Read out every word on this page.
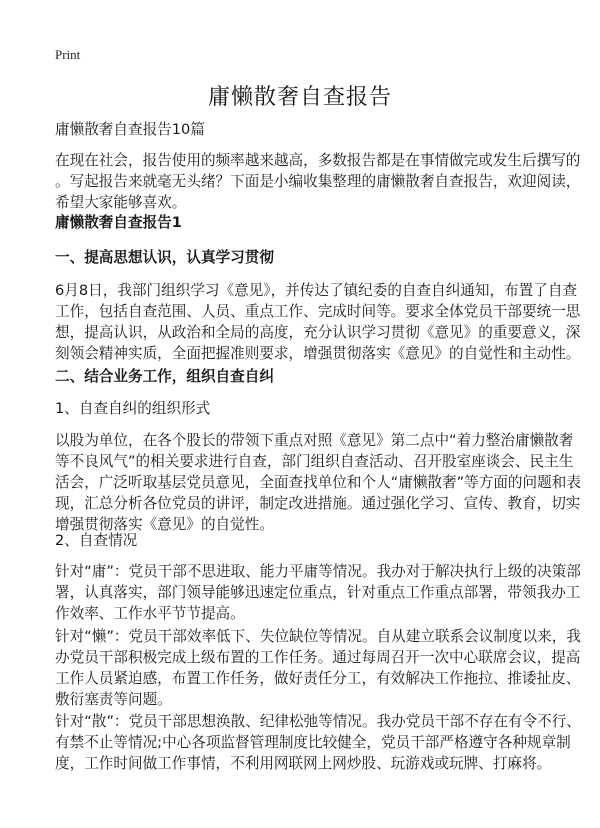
Print
庸懒散奢自查报告
庸懒散奢自查报告10篇
在现在社会，报告使用的频率越来越高，多数报告都是在事情做完或发生后撰写的
。写起报告来就毫无头绪？下面是小编收集整理的庸懒散奢自查报告，欢迎阅读，
希望大家能够喜欢。
庸懒散奢自查报告1
一、提高思想认识，认真学习贯彻
6月8日，我部门组织学习《意见》，并传达了镇纪委的自查自纠通知，布置了自查
工作，包括自查范围、人员、重点工作、完成时间等。要求全体党员干部要统一思
想，提高认识，从政治和全局的高度，充分认识学习贯彻《意见》的重要意义，深
刻领会精神实质，全面把握准则要求，增强贯彻落实《意见》的自觉性和主动性。
二、结合业务工作，组织自查自纠
1、自查自纠的组织形式
以股为单位，在各个股长的带领下重点对照《意见》第二点中“着力整治庸懒散奢
等不良风气”的相关要求进行自查，部门组织自查活动、召开股室座谈会、民主生
活会，广泛听取基层党员意见，全面查找单位和个人“庸懒散奢”等方面的问题和表
现，汇总分析各位党员的讲评，制定改进措施。通过强化学习、宣传、教育，切实
增强贯彻落实《意见》的自觉性。
2、自查情况
针对“庸”：党员干部不思进取、能力平庸等情况。我办对于解决执行上级的决策部
署，认真落实，部门领导能够迅速定位重点，针对重点工作重点部署，带领我办工
作效率、工作水平节节提高。
针对“懒”：党员干部效率低下、失位缺位等情况。自从建立联系会议制度以来，我
办党员干部积极完成上级布置的工作任务。通过每周召开一次中心联席会议，提高
工作人员紧迫感，布置工作任务，做好责任分工，有效解决工作拖拉、推诿扯皮、
敷衍塞责等问题。
针对“散”：党员干部思想涣散、纪律松弛等情况。我办党员干部不存在有令不行、
有禁不止等情况;中心各项监督管理制度比较健全，党员干部严格遵守各种规章制
度，工作时间做工作事情，不利用网联网上网炒股、玩游戏或玩牌、打麻将。
